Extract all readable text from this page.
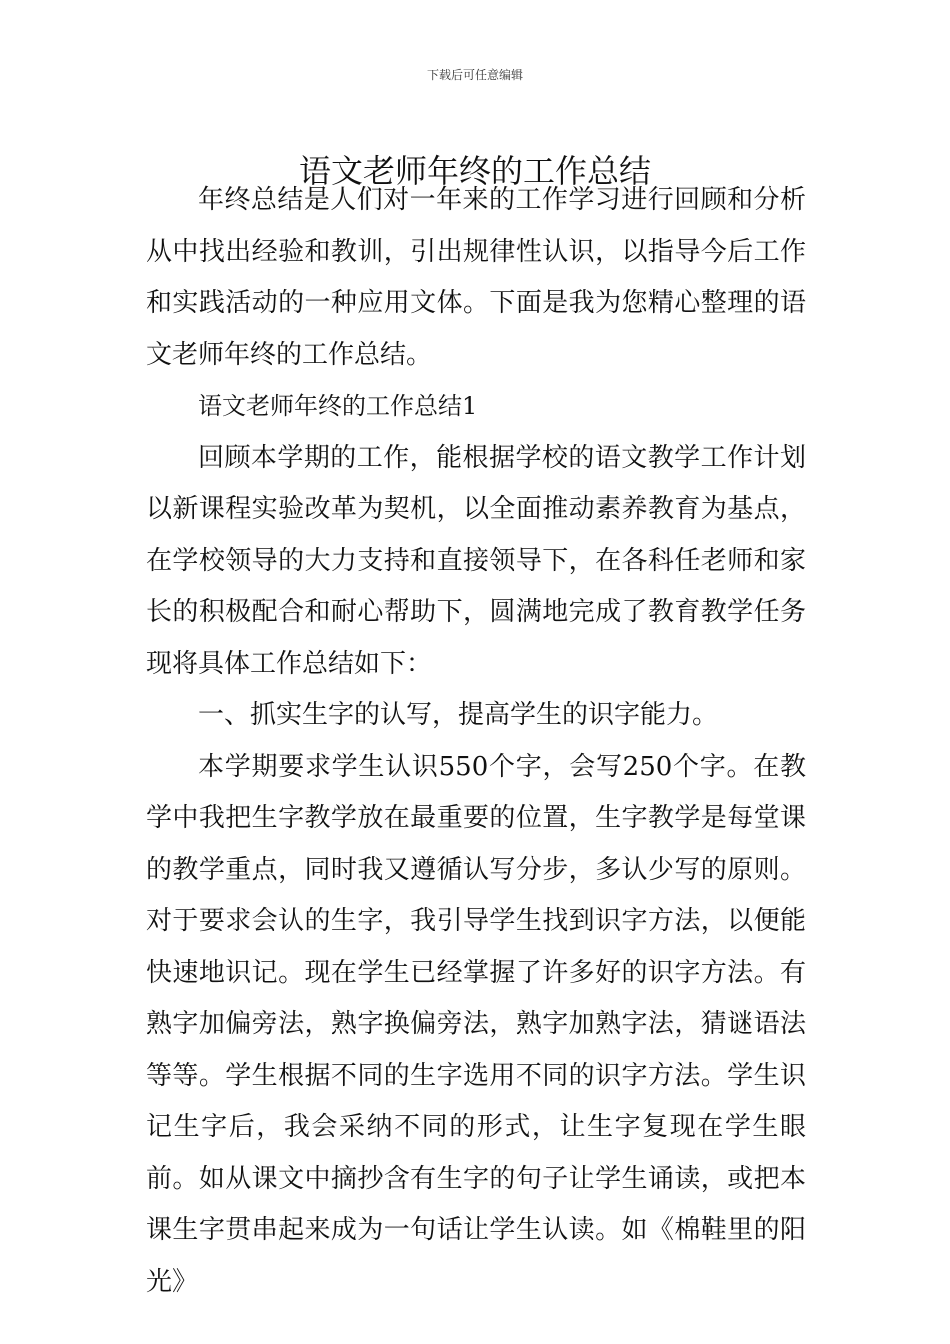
下载后可任意编辑
语文老师年终的工作总结

年终总结是人们对一年来的工作学习进行回顾和分析从中找出经验和教训，引出规律性认识，以指导今后工作和实践活动的一种应用文体。下面是我为您精心整理的语文老师年终的工作总结。

语文老师年终的工作总结1

回顾本学期的工作，能根据学校的语文教学工作计划以新课程实验改革为契机，以全面推动素养教育为基点，在学校领导的大力支持和直接领导下，在各科任老师和家长的积极配合和耐心帮助下，圆满地完成了教育教学任务现将具体工作总结如下：

一、抓实生字的认写，提高学生的识字能力。

本学期要求学生认识550个字，会写250个字。在教学中我把生字教学放在最重要的位置，生字教学是每堂课的教学重点，同时我又遵循认写分步，多认少写的原则。对于要求会认的生字，我引导学生找到识字方法，以便能快速地识记。现在学生已经掌握了许多好的识字方法。有熟字加偏旁法，熟字换偏旁法，熟字加熟字法，猜谜语法等等。学生根据不同的生字选用不同的识字方法。学生识记生字后，我会采纳不同的形式，让生字复现在学生眼前。如从课文中摘抄含有生字的句子让学生诵读，或把本课生字贯串起来成为一句话让学生认读。如《棉鞋里的阳光》
